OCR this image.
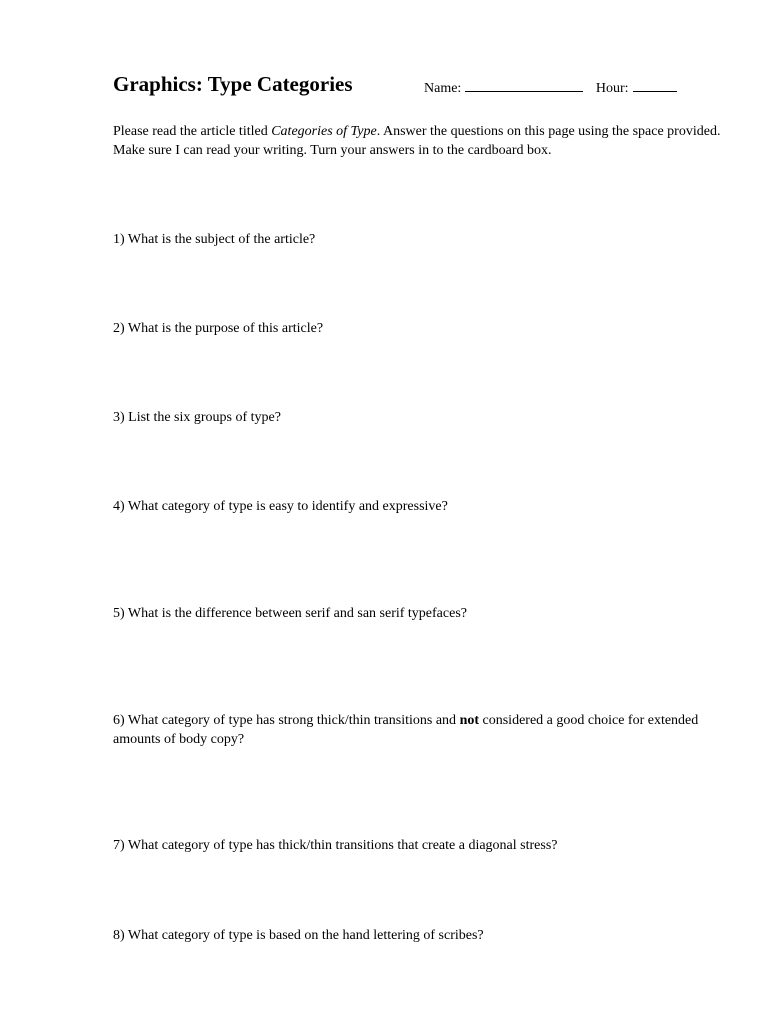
Graphics: Type Categories	Name:	Hour:
Please read the article titled Categories of Type. Answer the questions on this page using the space provided. Make sure I can read your writing. Turn your answers in to the cardboard box.
1) What is the subject of the article?
2) What is the purpose of this article?
3) List the six groups of type?
4) What category of type is easy to identify and expressive?
5) What is the difference between serif and san serif typefaces?
6) What category of type has strong thick/thin transitions and not considered a good choice for extended amounts of body copy?
7) What category of type has thick/thin transitions that create a diagonal stress?
8) What category of type is based on the hand lettering of scribes?
